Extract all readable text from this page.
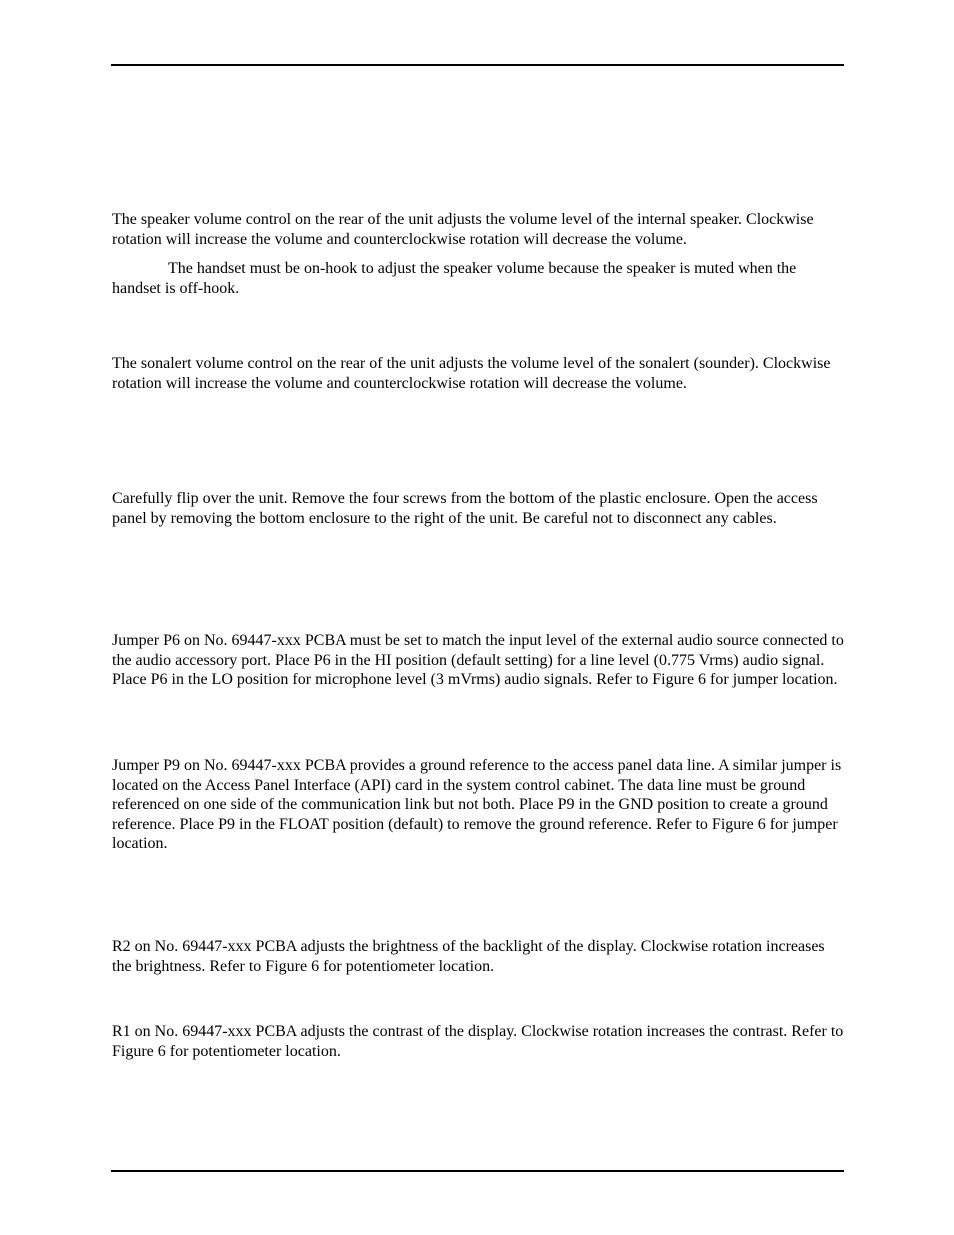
The speaker volume control on the rear of the unit adjusts the volume level of the internal speaker. Clockwise rotation will increase the volume and counterclockwise rotation will decrease the volume.

The handset must be on-hook to adjust the speaker volume because the speaker is muted when the handset is off-hook.

The sonalert volume control on the rear of the unit adjusts the volume level of the sonalert (sounder). Clockwise rotation will increase the volume and counterclockwise rotation will decrease the volume.

Carefully flip over the unit. Remove the four screws from the bottom of the plastic enclosure. Open the access panel by removing the bottom enclosure to the right of the unit. Be careful not to disconnect any cables.

Jumper P6 on No. 69447-xxx PCBA must be set to match the input level of the external audio source connected to the audio accessory port. Place P6 in the HI position (default setting) for a line level (0.775 Vrms) audio signal. Place P6 in the LO position for microphone level (3 mVrms) audio signals. Refer to Figure 6 for jumper location.

Jumper P9 on No. 69447-xxx PCBA provides a ground reference to the access panel data line. A similar jumper is located on the Access Panel Interface (API) card in the system control cabinet. The data line must be ground referenced on one side of the communication link but not both. Place P9 in the GND position to create a ground reference. Place P9 in the FLOAT position (default) to remove the ground reference. Refer to Figure 6 for jumper location.

R2 on No. 69447-xxx PCBA adjusts the brightness of the backlight of the display. Clockwise rotation increases the brightness. Refer to Figure 6 for potentiometer location.

R1 on No. 69447-xxx PCBA adjusts the contrast of the display. Clockwise rotation increases the contrast. Refer to Figure 6 for potentiometer location.
